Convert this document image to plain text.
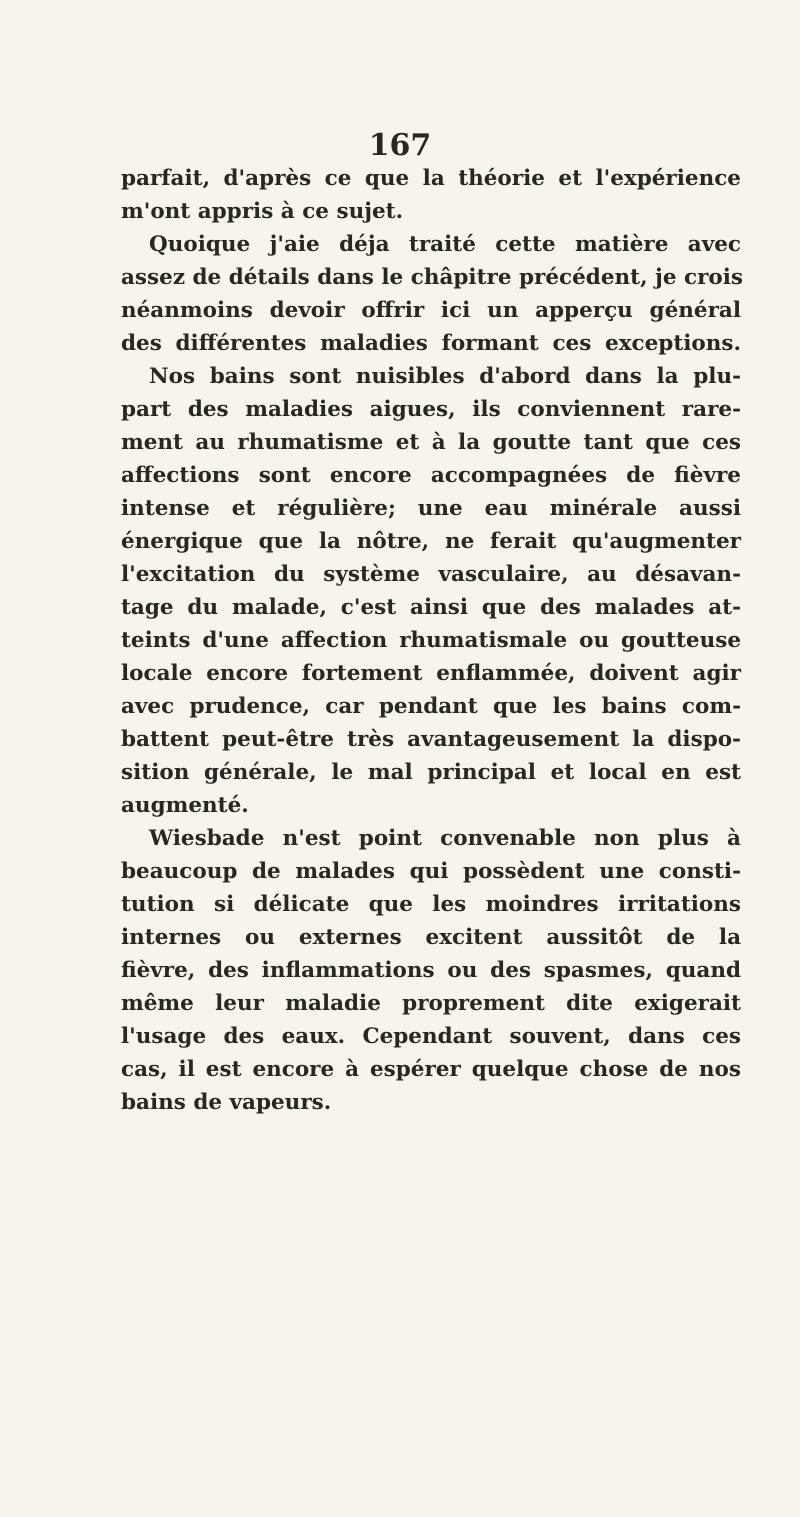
167
parfait, d'après ce que la théorie et l'expérience
m'ont appris à ce sujet.
Quoique j'aie déja traité cette matière avec
assez de détails dans le châpitre précédent, je crois
néanmoins devoir offrir ici un apperçu général
des différentes maladies formant ces exceptions.
Nos bains sont nuisibles d'abord dans la plu-
part des maladies aigues, ils conviennent rare-
ment au rhumatisme et à la goutte tant que ces
affections sont encore accompagnées de fièvre
intense et régulière; une eau minérale aussi
énergique que la nôtre, ne ferait qu'augmenter
l'excitation du système vasculaire, au désavan-
tage du malade, c'est ainsi que des malades at-
teints d'une affection rhumatismale ou goutteuse
locale encore fortement enflammée, doivent agir
avec prudence, car pendant que les bains com-
battent peut-être très avantageusement la dispo-
sition générale, le mal principal et local en est
augmenté.
Wiesbade n'est point convenable non plus à
beaucoup de malades qui possèdent une consti-
tution si délicate que les moindres irritations
internes ou externes excitent aussitôt de la
fièvre, des inflammations ou des spasmes, quand
même leur maladie proprement dite exigerait
l'usage des eaux. Cependant souvent, dans ces
cas, il est encore à espérer quelque chose de nos
bains de vapeurs.
